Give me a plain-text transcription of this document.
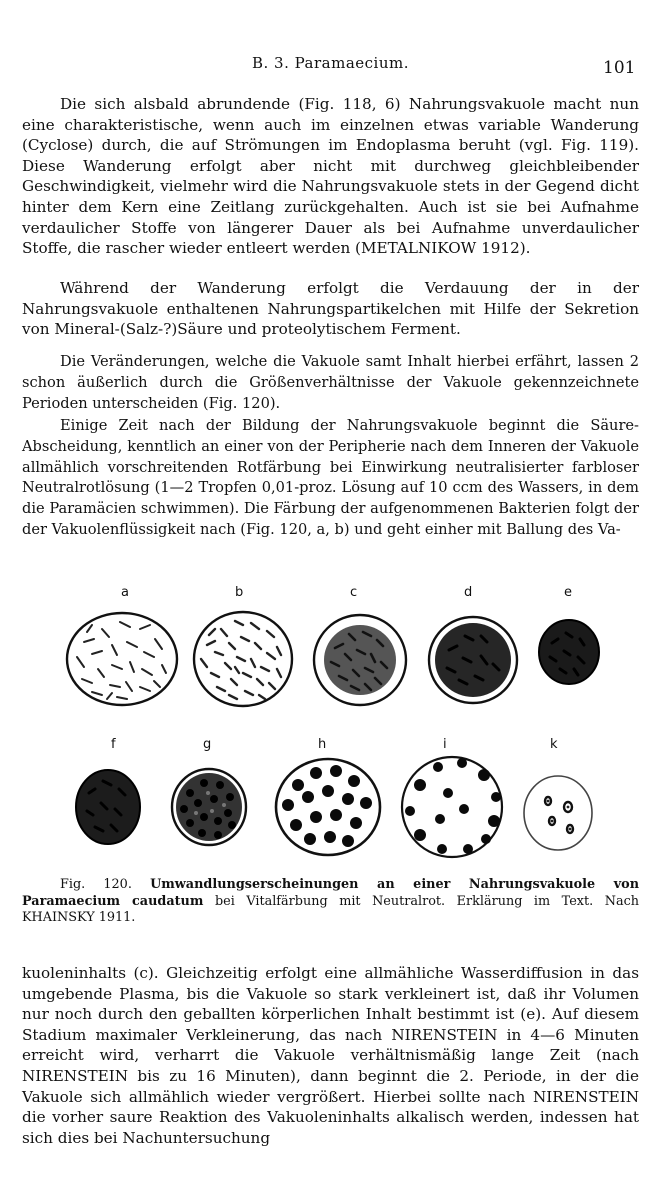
B. 3. Paramaecium.	101

Die sich alsbald abrundende (Fig. 118, 6) Nahrungsvakuole macht nun eine charakteristische, wenn auch im einzelnen etwas variable Wanderung (Cyclose) durch, die auf Strömungen im Endoplasma beruht (vgl. Fig. 119). Diese Wanderung erfolgt aber nicht mit durchweg gleichbleibender Geschwindigkeit, vielmehr wird die Nahrungsvakuole stets in der Gegend dicht hinter dem Kern eine Zeitlang zurückgehalten. Auch ist sie bei Aufnahme verdaulicher Stoffe von längerer Dauer als bei Aufnahme unverdaulicher Stoffe, die rascher wieder entleert werden (METALNIKOW 1912).

Während der Wanderung erfolgt die Verdauung der in der Nahrungsvakuole enthaltenen Nahrungspartikelchen mit Hilfe der Sekretion von Mineral-(Salz-?)Säure und proteolytischem Ferment.

Die Veränderungen, welche die Vakuole samt Inhalt hierbei erfährt, lassen 2 schon äußerlich durch die Größenverhältnisse der Vakuole gekennzeichnete Perioden unterscheiden (Fig. 120).

Einige Zeit nach der Bildung der Nahrungsvakuole beginnt die Säure-Abscheidung, kenntlich an einer von der Peripherie nach dem Inneren der Vakuole allmählich vorschreitenden Rotfärbung bei Einwirkung neutralisierter farbloser Neutralrotlösung (1—2 Tropfen 0,01-proz. Lösung auf 10 ccm des Wassers, in dem die Paramäcien schwimmen). Die Färbung der aufgenommenen Bakterien folgt der der Vakuolenflüssigkeit nach (Fig. 120, a, b) und geht einher mit Ballung des Va-

a	b	c	d	e
f	g	h	i	k

Fig. 120. Umwandlungserscheinungen an einer Nahrungsvakuole von Paramaecium caudatum bei Vitalfärbung mit Neutralrot. Erklärung im Text. Nach KHAINSKY 1911.

kuoleninhalts (c). Gleichzeitig erfolgt eine allmähliche Wasserdiffusion in das umgebende Plasma, bis die Vakuole so stark verkleinert ist, daß ihr Volumen nur noch durch den geballten körperlichen Inhalt bestimmt ist (e). Auf diesem Stadium maximaler Verkleinerung, das nach NIRENSTEIN in 4—6 Minuten erreicht wird, verharrt die Vakuole verhältnismäßig lange Zeit (nach NIRENSTEIN bis zu 16 Minuten), dann beginnt die 2. Periode, in der die Vakuole sich allmählich wieder vergrößert. Hierbei sollte nach NIRENSTEIN die vorher saure Reaktion des Vakuoleninhalts alkalisch werden, indessen hat sich dies bei Nachuntersuchung
